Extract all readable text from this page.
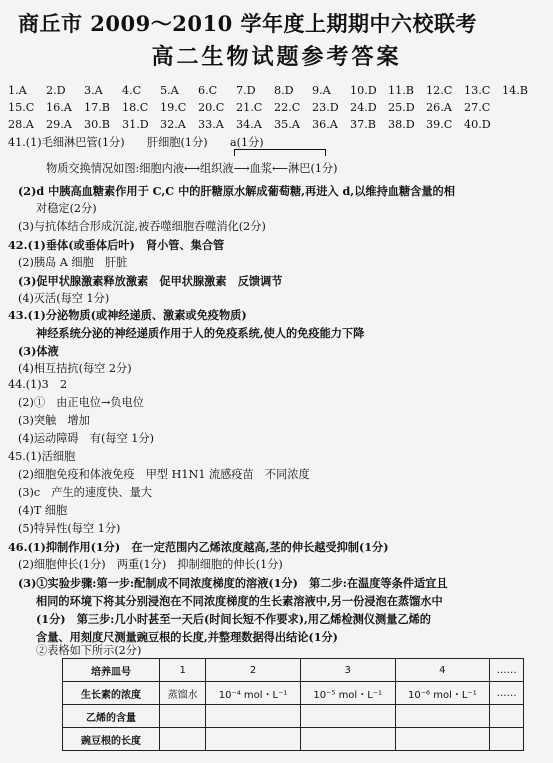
商丘市 2009～2010 学年度上期期中六校联考
高二生物试题参考答案
1.A 2.D 3.A 4.C 5.A 6.C 7.D 8.D 9.A 10.D 11.B 12.C 13.C 14.B
15.C 16.A 17.B 18.C 19.C 20.C 21.C 22.C 23.D 24.D 25.D 26.A 27.C
28.A 29.A 30.B 31.D 32.A 33.A 34.A 35.A 36.A 37.B 38.D 39.C 40.D
41.(1)毛细淋巴管(1分)　　肝细胞(1分)　　a(1分)
物质交换情况如图:细胞内液⟷组织液⟶血浆⟵淋巴(1分)
(2)d 中胰高血糖素作用于 C,C 中的肝糖原水解成葡萄糖,再进入 d,以维持血糖含量的相
对稳定(2分)
(3)与抗体结合形成沉淀,被吞噬细胞吞噬消化(2分)
42.(1)垂体(或垂体后叶)　肾小管、集合管
(2)胰岛 A 细胞　肝脏
(3)促甲状腺激素释放激素　促甲状腺激素　反馈调节
(4)灭活(每空 1分)
43.(1)分泌物质(或神经递质、激素或免疫物质)
神经系统分泌的神经递质作用于人的免疫系统,使人的免疫能力下降
(3)体液
(4)相互拮抗(每空 2分)
44.(1)3　2
(2)①　由正电位→负电位
(3)突触　增加
(4)运动障碍　有(每空 1分)
45.(1)活细胞
(2)细胞免疫和体液免疫　甲型 H1N1 流感疫苗　不同浓度
(3)c　产生的速度快、量大
(4)T 细胞
(5)特异性(每空 1分)
46.(1)抑制作用(1分)　在一定范围内乙烯浓度越高,茎的伸长越受抑制(1分)
(2)细胞伸长(1分)　两重(1分)　抑制细胞的伸长(1分)
(3)①实验步骤:第一步:配制成不同浓度梯度的溶液(1分)　第二步:在温度等条件适宜且
相同的环境下将其分别浸泡在不同浓度梯度的生长素溶液中,另一份浸泡在蒸馏水中
(1分)　第三步:几小时甚至一天后(时间长短不作要求),用乙烯检测仪测量乙烯的
含量、用刻度尺测量豌豆根的长度,并整理数据得出结论(1分)
②表格如下所示(2分)
培养皿号	1	2	3	4	……
生长素的浓度	蒸馏水	10⁻⁴ mol・L⁻¹	10⁻⁵ mol・L⁻¹	10⁻⁶ mol・L⁻¹	……
乙烯的含量					
豌豆根的长度					
